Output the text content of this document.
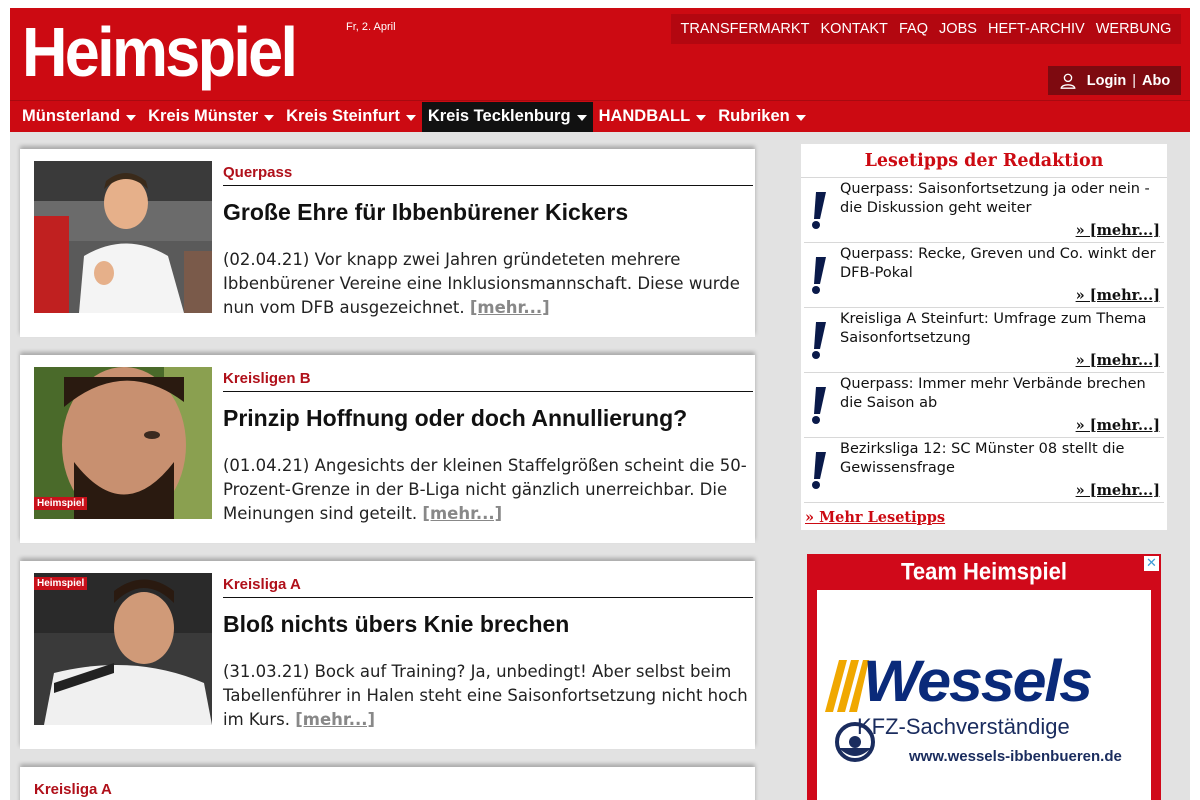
Heimspiel	Fr, 2. April	TRANSFERMARKT KONTAKT FAQ JOBS HEFT-ARCHIV WERBUNG
Login | Abo
Münsterland Kreis Münster Kreis Steinfurt Kreis Tecklenburg HANDBALL Rubriken
Querpass
Große Ehre für Ibbenbürener Kickers
(02.04.21) Vor knapp zwei Jahren gründeteten mehrere Ibbenbürener Vereine eine Inklusionsmannschaft. Diese wurde nun vom DFB ausgezeichnet. [mehr...]
Heimspiel
Kreisligen B
Prinzip Hoffnung oder doch Annullierung?
(01.04.21) Angesichts der kleinen Staffelgrößen scheint die 50-Prozent-Grenze in der B-Liga nicht gänzlich unerreichbar. Die Meinungen sind geteilt. [mehr...]
Heimspiel	Kreisliga A
Bloß nichts übers Knie brechen
(31.03.21) Bock auf Training? Ja, unbedingt! Aber selbst beim Tabellenführer in Halen steht eine Saisonfortsetzung nicht hoch im Kurs. [mehr...]
Kreisliga A
Lesetipps der Redaktion
Querpass: Saisonfortsetzung ja oder nein - die Diskussion geht weiter
» [mehr...]
Querpass: Recke, Greven und Co. winkt der DFB-Pokal
» [mehr...]
Kreisliga A Steinfurt: Umfrage zum Thema Saisonfortsetzung
» [mehr...]
Querpass: Immer mehr Verbände brechen die Saison ab
» [mehr...]
Bezirksliga 12: SC Münster 08 stellt die Gewissensfrage
» [mehr...]
» Mehr Lesetipps
Team Heimspiel	✕
Wessels
KFZ-Sachverständige
www.wessels-ibbenbueren.de
